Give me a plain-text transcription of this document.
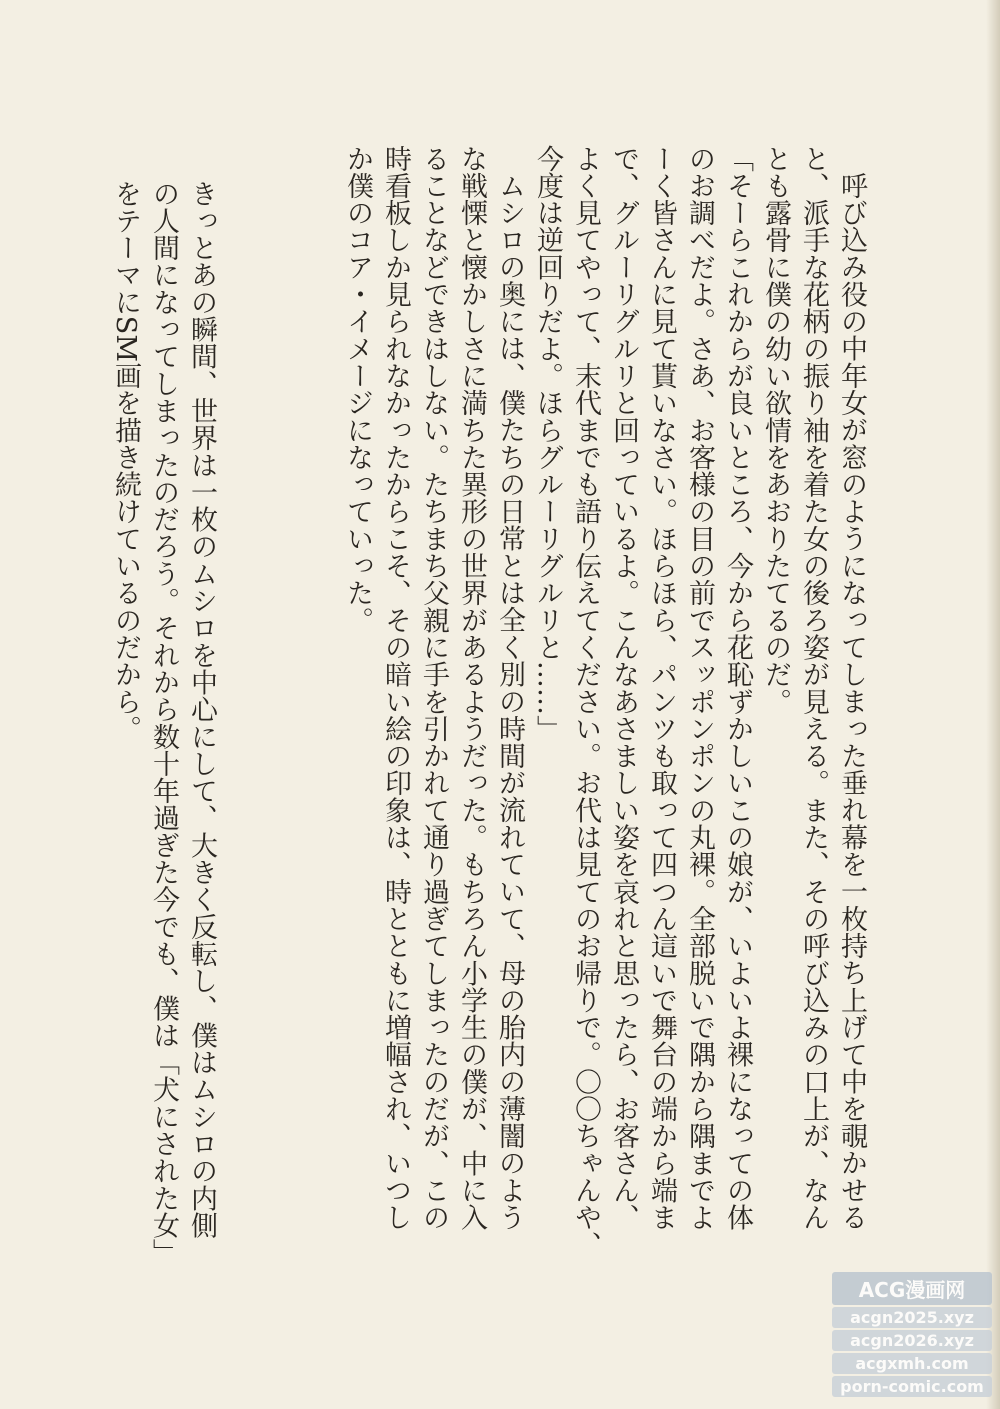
呼び込み役の中年女が窓のようになってしまった垂れ幕を一枚持ち上げて中を覗かせる

と、派手な花柄の振り袖を着た女の後ろ姿が見える。また、その呼び込みの口上が、なん

とも露骨に僕の幼い欲情をあおりたてるのだ。

「そーらこれからが良いところ、今から花恥ずかしいこの娘が、いよいよ裸になっての体

のお調べだよ。さあ、お客様の目の前でスッポンポンの丸裸。全部脱いで隅から隅までよ

ーく皆さんに見て貰いなさい。ほらほら、パンツも取って四つん這いで舞台の端から端ま

で、グルーリグルリと回っているよ。こんなあさましい姿を哀れと思ったら、お客さん、

よく見てやって、末代までも語り伝えてください。お代は見てのお帰りで。〇〇ちゃんや、

今度は逆回りだよ。ほらグルーリグルリと……」

ムシロの奥には、僕たちの日常とは全く別の時間が流れていて、母の胎内の薄闇のよう

な戦慄と懐かしさに満ちた異形の世界があるようだった。もちろん小学生の僕が、中に入

ることなどできはしない。たちまち父親に手を引かれて通り過ぎてしまったのだが、この

時看板しか見られなかったからこそ、その暗い絵の印象は、時とともに増幅され、いつし

か僕のコア・イメージになっていった。

きっとあの瞬間、世界は一枚のムシロを中心にして、大きく反転し、僕はムシロの内側

の人間になってしまったのだろう。それから数十年過ぎた今でも、僕は「犬にされた女」

をテーマにSM画を描き続けているのだから。

ACG漫画网
acgn2025.xyz
acgn2026.xyz
acgxmh.com
porn-comic.com
